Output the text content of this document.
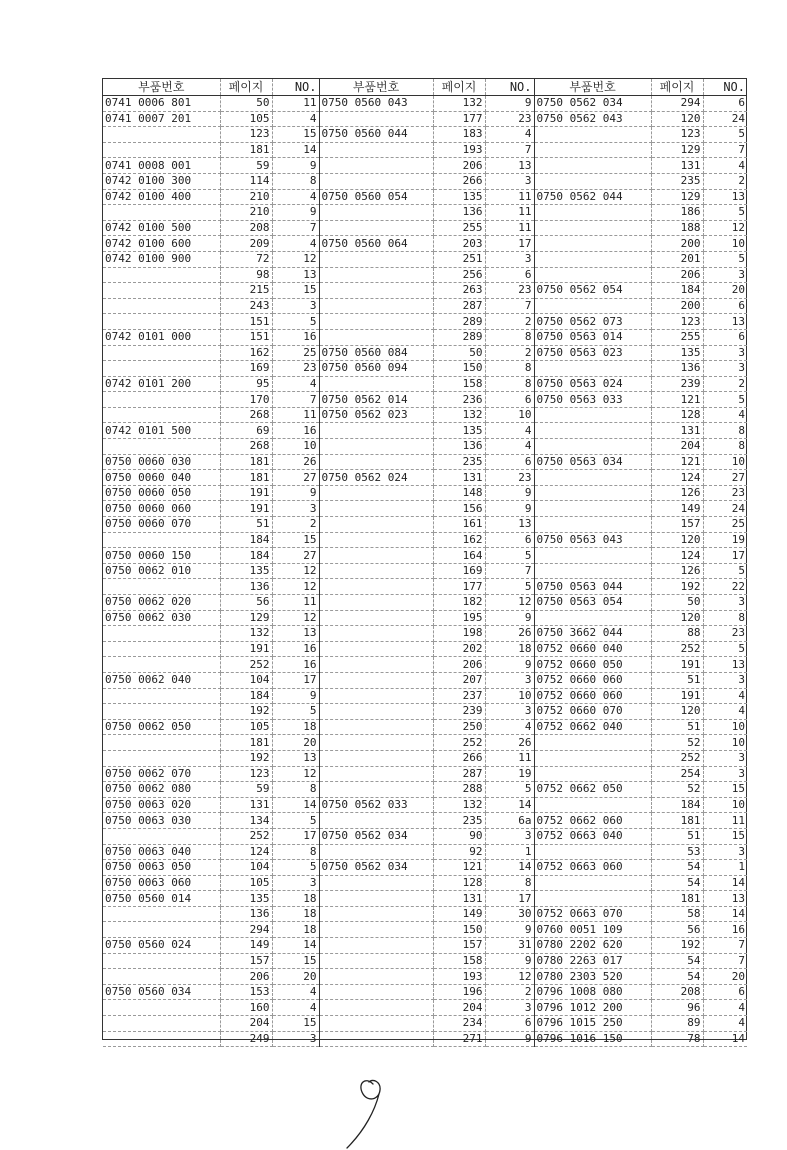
부품번호	페이지	NO.	부품번호	페이지	NO.	부품번호	페이지	NO.
0741 0006 801	50	11	0750 0560 043	132	9	0750 0562 034	294	6
0741 0007 201	105	4		177	23	0750 0562 043	120	24
	123	15	0750 0560 044	183	4		123	5
	181	14		193	7		129	7
0741 0008 001	59	9		206	13		131	4
0742 0100 300	114	8		266	3		235	2
0742 0100 400	210	4	0750 0560 054	135	11	0750 0562 044	129	13
	210	9		136	11		186	5
0742 0100 500	208	7		255	11		188	12
0742 0100 600	209	4	0750 0560 064	203	17		200	10
0742 0100 900	72	12		251	3		201	5
	98	13		256	6		206	3
	215	15		263	23	0750 0562 054	184	20
	243	3		287	7		200	6
	151	5		289	2	0750 0562 073	123	13
0742 0101 000	151	16		289	8	0750 0563 014	255	6
	162	25	0750 0560 084	50	2	0750 0563 023	135	3
	169	23	0750 0560 094	150	8		136	3
0742 0101 200	95	4		158	8	0750 0563 024	239	2
	170	7	0750 0562 014	236	6	0750 0563 033	121	5
	268	11	0750 0562 023	132	10		128	4
0742 0101 500	69	16		135	4		131	8
	268	10		136	4		204	8
0750 0060 030	181	26		235	6	0750 0563 034	121	10
0750 0060 040	181	27	0750 0562 024	131	23		124	27
0750 0060 050	191	9		148	9		126	23
0750 0060 060	191	3		156	9		149	24
0750 0060 070	51	2		161	13		157	25
	184	15		162	6	0750 0563 043	120	19
0750 0060 150	184	27		164	5		124	17
0750 0062 010	135	12		169	7		126	5
	136	12		177	5	0750 0563 044	192	22
0750 0062 020	56	11		182	12	0750 0563 054	50	3
0750 0062 030	129	12		195	9		120	8
	132	13		198	26	0750 3662 044	88	23
	191	16		202	18	0752 0660 040	252	5
	252	16		206	9	0752 0660 050	191	13
0750 0062 040	104	17		207	3	0752 0660 060	51	3
	184	9		237	10	0752 0660 060	191	4
	192	5		239	3	0752 0660 070	120	4
0750 0062 050	105	18		250	4	0752 0662 040	51	10
	181	20		252	26		52	10
	192	13		266	11		252	3
0750 0062 070	123	12		287	19		254	3
0750 0062 080	59	8		288	5	0752 0662 050	52	15
0750 0063 020	131	14	0750 0562 033	132	14		184	10
0750 0063 030	134	5		235	6a	0752 0662 060	181	11
	252	17	0750 0562 034	90	3	0752 0663 040	51	15
0750 0063 040	124	8		92	1		53	3
0750 0063 050	104	5	0750 0562 034	121	14	0752 0663 060	54	1
0750 0063 060	105	3		128	8		54	14
0750 0560 014	135	18		131	17		181	13
	136	18		149	30	0752 0663 070	58	14
	294	18		150	9	0760 0051 109	56	16
0750 0560 024	149	14		157	31	0780 2202 620	192	7
	157	15		158	9	0780 2263 017	54	7
	206	20		193	12	0780 2303 520	54	20
0750 0560 034	153	4		196	2	0796 1008 080	208	6
	160	4		204	3	0796 1012 200	96	4
	204	15		234	6	0796 1015 250	89	4
	249	3		271	9	0796 1016 150	78	14
